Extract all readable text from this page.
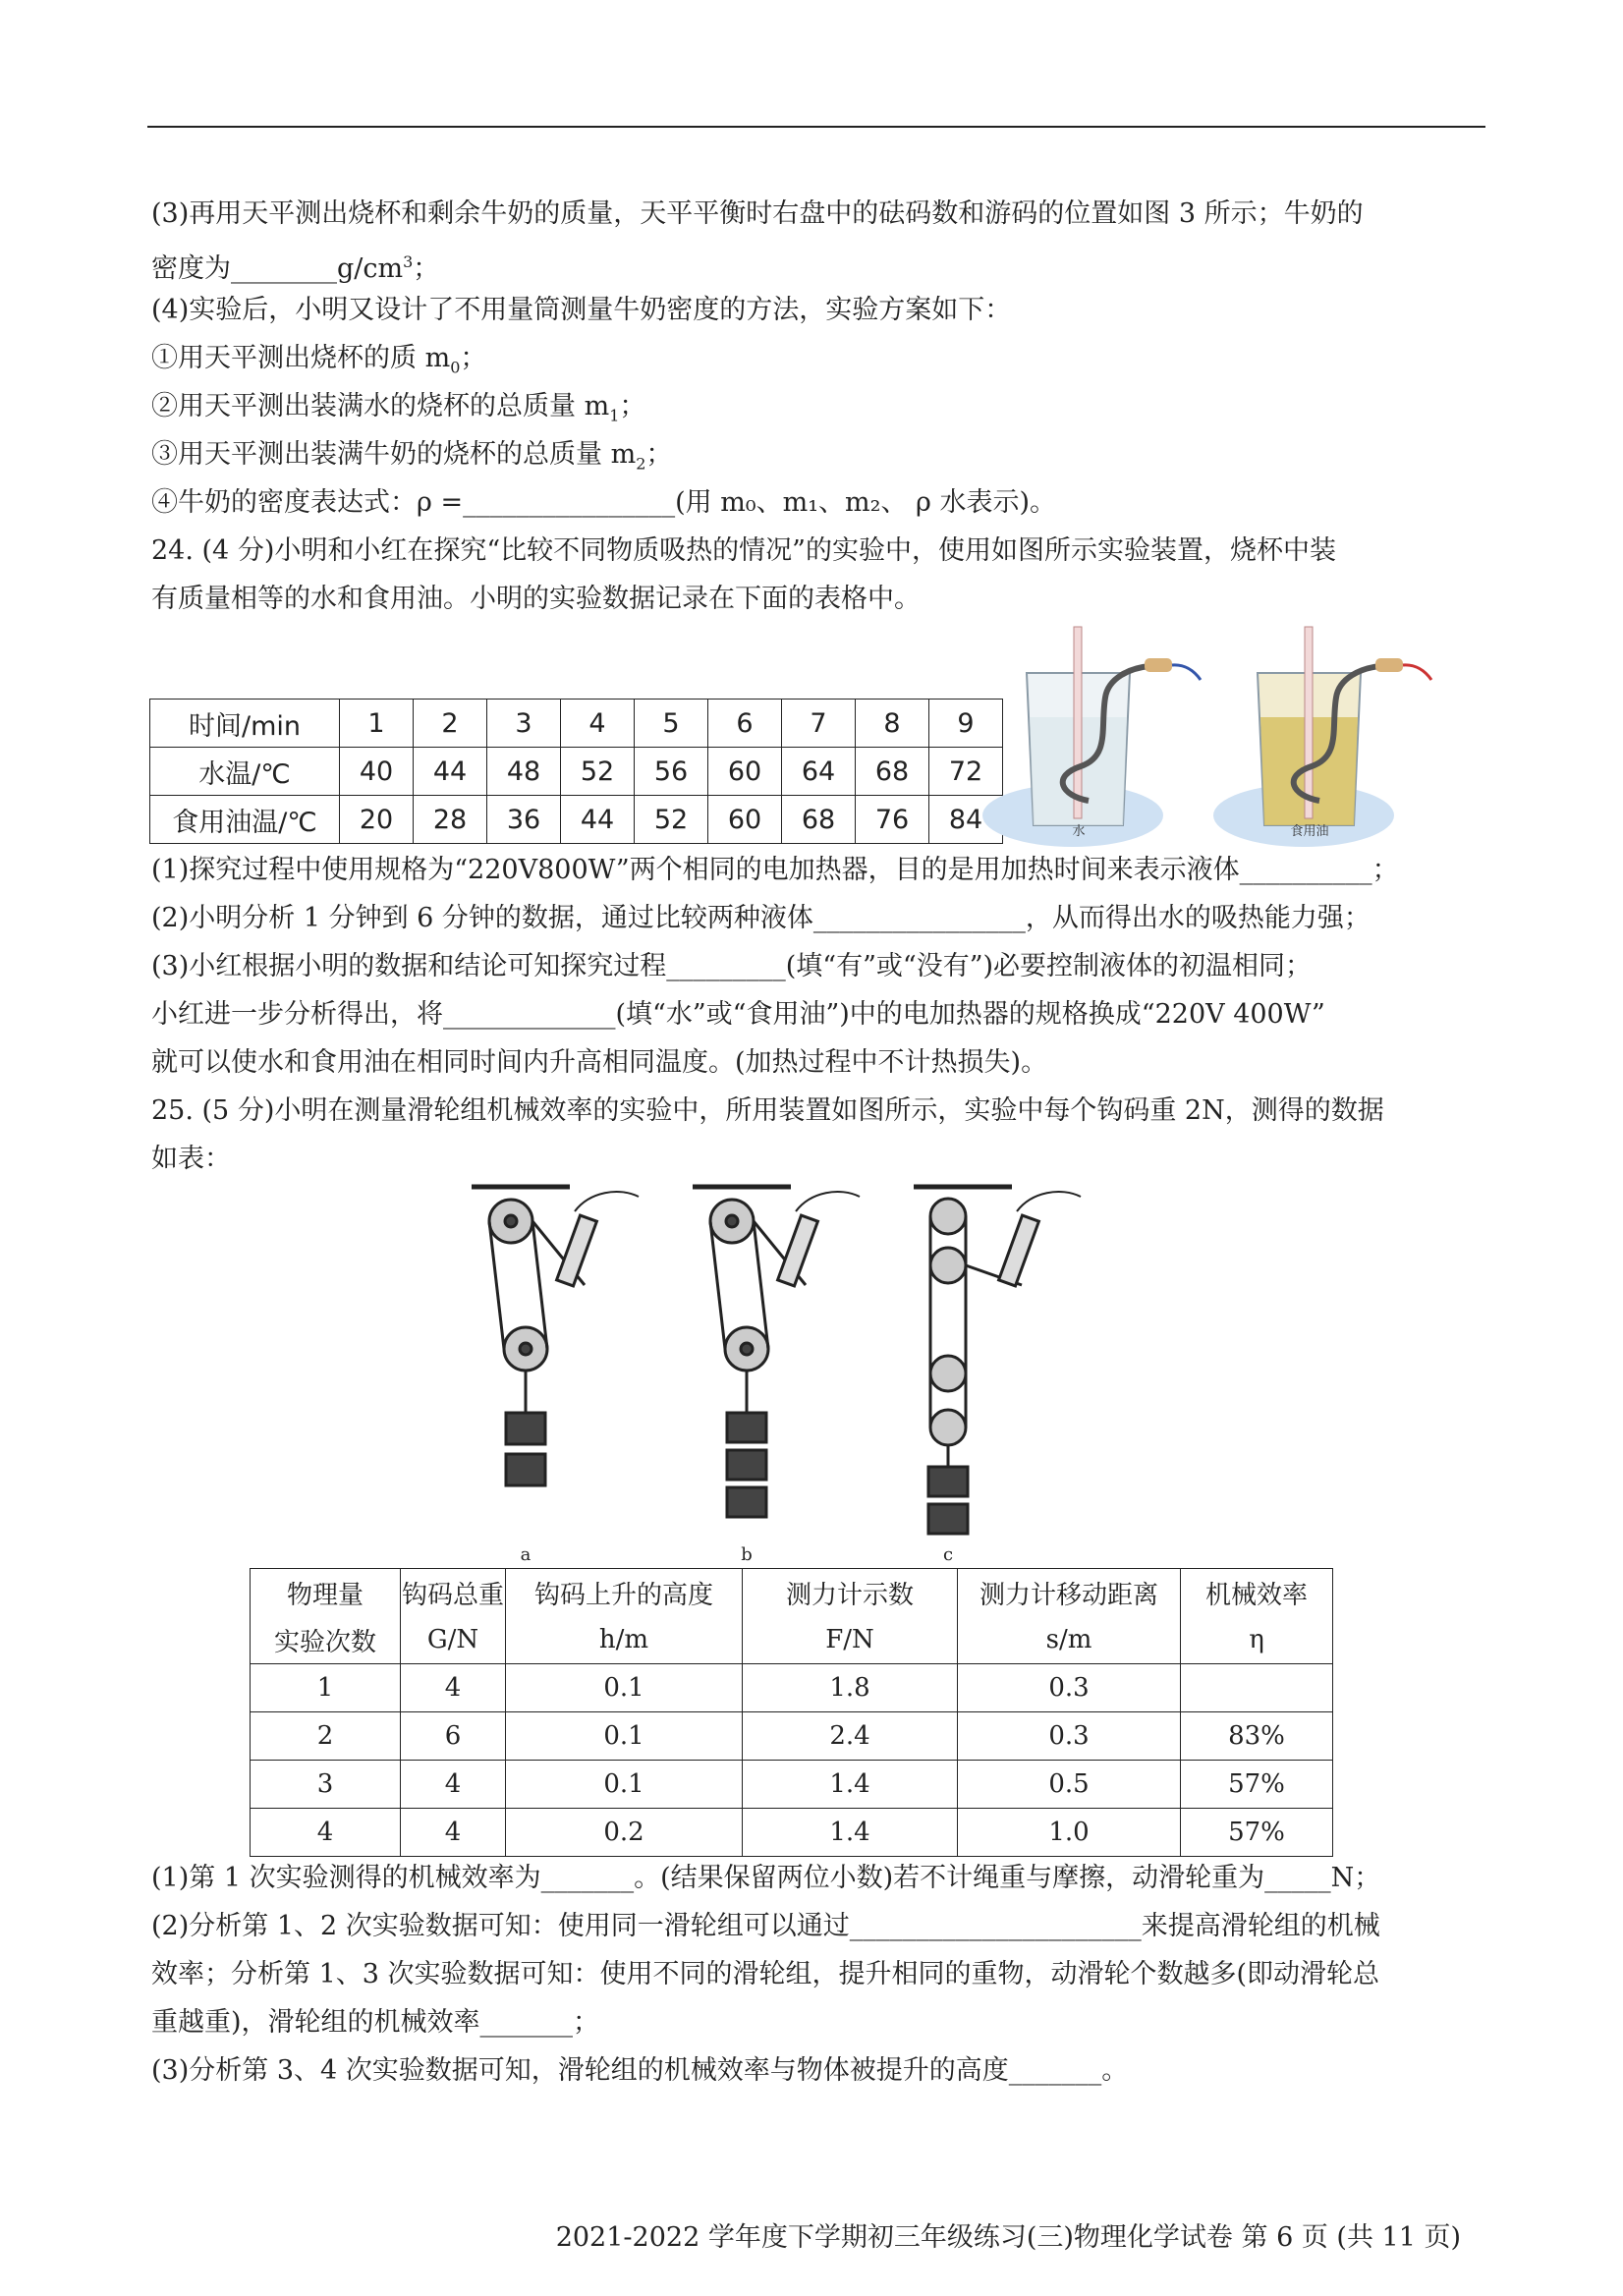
(3)再用天平测出烧杯和剩余牛奶的质量，天平平衡时右盘中的砝码数和游码的位置如图 3 所示；牛奶的
密度为$\_\_\_\_\_\_\_\_g/cm^3$；
(4)实验后，小明又设计了不用量筒测量牛奶密度的方法，实验方案如下：
①用天平测出烧杯的质 $m_0$；
②用天平测出装满水的烧杯的总质量 $m_1$；
③用天平测出装满牛奶的烧杯的总质量 $m_2$；
④牛奶的密度表达式：ρ =________________(用 m₀、m₁、m₂、 ρ 水表示)。
24. (4 分)小明和小红在探究“比较不同物质吸热的情况”的实验中，使用如图所示实验装置，烧杯中装
有质量相等的水和食用油。小明的实验数据记录在下面的表格中。
时间/min	1	2	3	4	5	6	7	8	9
水温/℃	40	44	48	52	56	60	64	68	72
食用油温/℃	20	28	36	44	52	60	68	76	84	水	食用油
(1)探究过程中使用规格为“220V800W”两个相同的电加热器，目的是用加热时间来表示液体__________；
(2)小明分析 1 分钟到 6 分钟的数据，通过比较两种液体________________，从而得出水的吸热能力强；
(3)小红根据小明的数据和结论可知探究过程_________(填“有”或“没有”)必要控制液体的初温相同；
小红进一步分析得出，将_____________(填“水”或“食用油”)中的电加热器的规格换成“220V 400W”
就可以使水和食用油在相同时间内升高相同温度。(加热过程中不计热损失)。
25. (5 分)小明在测量滑轮组机械效率的实验中，所用装置如图所示，实验中每个钩码重 2N，测得的数据
如表：
a	b	c
物理量	钩码总重	钩码上升的高度	测力计示数	测力计移动距离	机械效率
实验次数	G/N	h/m	F/N	s/m	η
1	4	0.1	1.8	0.3	
2	6	0.1	2.4	0.3	83%
3	4	0.1	1.4	0.5	57%
4	4	0.2	1.4	1.0	57%
(1)第 1 次实验测得的机械效率为_______。(结果保留两位小数)若不计绳重与摩擦，动滑轮重为_____N；
(2)分析第 1、2 次实验数据可知：使用同一滑轮组可以通过______________________来提高滑轮组的机械
效率；分析第 1、3 次实验数据可知：使用不同的滑轮组，提升相同的重物，动滑轮个数越多(即动滑轮总
重越重)，滑轮组的机械效率_______；
(3)分析第 3、4 次实验数据可知，滑轮组的机械效率与物体被提升的高度_______。
2021-2022 学年度下学期初三年级练习(三)物理化学试卷 第 6 页 (共 11 页)
